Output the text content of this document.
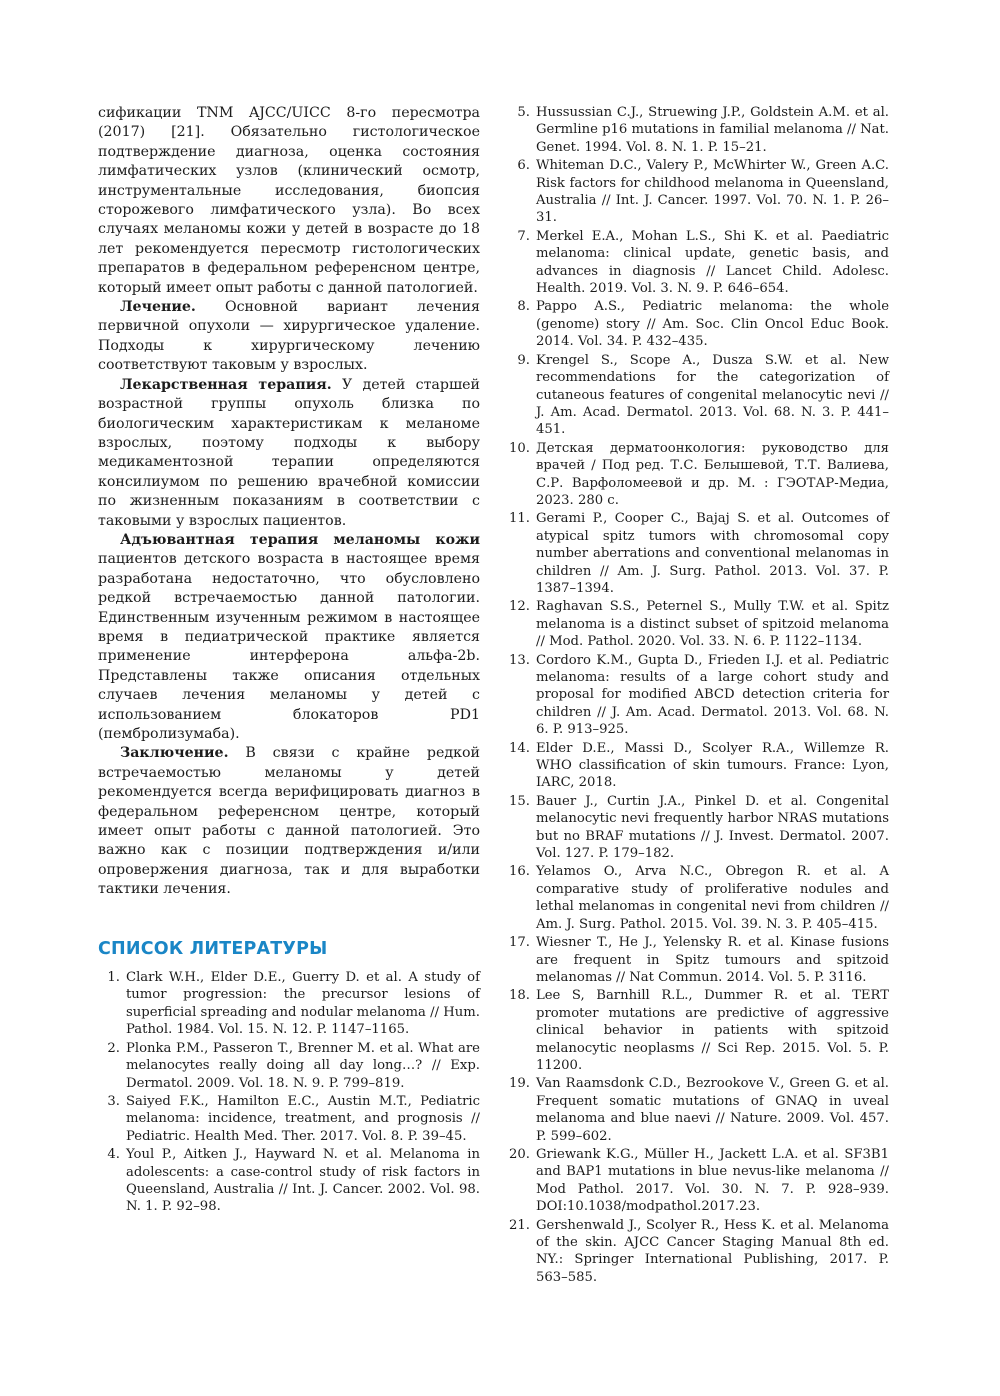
сификации TNM AJCC/UICC 8-го пересмотра (2017) [21]. Обязательно гистологическое подтверждение диагноза, оценка состояния лимфатических узлов (клинический осмотр, инструментальные исследования, биопсия сторожевого лимфатического узла). Во всех случаях меланомы кожи у детей в возрасте до 18 лет рекомендуется пересмотр гистологических препаратов в федеральном референсном центре, который имеет опыт работы с данной патологией.

Лечение. Основной вариант лечения первичной опухоли — хирургическое удаление. Подходы к хирургическому лечению соответствуют таковым у взрослых.

Лекарственная терапия. У детей старшей возрастной группы опухоль близка по биологическим характеристикам к меланоме взрослых, поэтому подходы к выбору медикаментозной терапии определяются консилиумом по решению врачебной комиссии по жизненным показаниям в соответствии с таковыми у взрослых пациентов.

Адъювантная терапия меланомы кожи пациентов детского возраста в настоящее время разработана недостаточно, что обусловлено редкой встречаемостью данной патологии. Единственным изученным режимом в настоящее время в педиатрической практике является применение интерферона альфа-2b. Представлены также описания отдельных случаев лечения меланомы у детей с использованием блокаторов PD1 (пембролизумаба).

Заключение. В связи с крайне редкой встречаемостью меланомы у детей рекомендуется всегда верифицировать диагноз в федеральном референсном центре, который имеет опыт работы с данной патологией. Это важно как с позиции подтверждения и/или опровержения диагноза, так и для выработки тактики лечения.

СПИСОК ЛИТЕРАТУРЫ
1. Clark W.H., Elder D.E., Guerry D. et al. A study of tumor progression: the precursor lesions of superficial spreading and nodular melanoma // Hum. Pathol. 1984. Vol. 15. N. 12. P. 1147–1165.
2. Plonka P.M., Passeron T., Brenner M. et al. What are melanocytes really doing all day long…? // Exp. Dermatol. 2009. Vol. 18. N. 9. P. 799–819.
3. Saiyed F.K., Hamilton E.C., Austin M.T., Pediatric melanoma: incidence, treatment, and prognosis // Pediatric. Health Med. Ther. 2017. Vol. 8. P. 39–45.
4. Youl P., Aitken J., Hayward N. et al. Melanoma in adolescents: a case-control study of risk factors in Queensland, Australia // Int. J. Cancer. 2002. Vol. 98. N. 1. P. 92–98.
5. Hussussian C.J., Struewing J.P., Goldstein A.M. et al. Germline p16 mutations in familial melanoma // Nat. Genet. 1994. Vol. 8. N. 1. P. 15–21.
6. Whiteman D.C., Valery P., McWhirter W., Green A.C. Risk factors for childhood melanoma in Queensland, Australia // Int. J. Cancer. 1997. Vol. 70. N. 1. P. 26–31.
7. Merkel E.A., Mohan L.S., Shi K. et al. Paediatric melanoma: clinical update, genetic basis, and advances in diagnosis // Lancet Child. Adolesc. Health. 2019. Vol. 3. N. 9. P. 646–654.
8. Pappo A.S., Pediatric melanoma: the whole (genome) story // Am. Soc. Clin Oncol Educ Book. 2014. Vol. 34. P. 432–435.
9. Krengel S., Scope A., Dusza S.W. et al. New recommendations for the categorization of cutaneous features of congenital melanocytic nevi // J. Am. Acad. Dermatol. 2013. Vol. 68. N. 3. P. 441–451.
10. Детская дерматоонкология: руководство для врачей / Под ред. Т.С. Белышевой, Т.Т. Валиева, С.Р. Варфоломеевой и др. М. : ГЭОТАР-Медиа, 2023. 280 с.
11. Gerami P., Cooper C., Bajaj S. et al. Outcomes of atypical spitz tumors with chromosomal copy number aberrations and conventional melanomas in children // Am. J. Surg. Pathol. 2013. Vol. 37. P. 1387–1394.
12. Raghavan S.S., Peternel S., Mully T.W. et al. Spitz melanoma is a distinct subset of spitzoid melanoma // Mod. Pathol. 2020. Vol. 33. N. 6. P. 1122–1134.
13. Cordoro K.M., Gupta D., Frieden I.J. et al. Pediatric melanoma: results of a large cohort study and proposal for modified ABCD detection criteria for children // J. Am. Acad. Dermatol. 2013. Vol. 68. N. 6. P. 913–925.
14. Elder D.E., Massi D., Scolyer R.A., Willemze R. WHO classification of skin tumours. France: Lyon, IARC, 2018.
15. Bauer J., Curtin J.A., Pinkel D. et al. Congenital melanocytic nevi frequently harbor NRAS mutations but no BRAF mutations // J. Invest. Dermatol. 2007. Vol. 127. P. 179–182.
16. Yelamos O., Arva N.C., Obregon R. et al. A comparative study of proliferative nodules and lethal melanomas in congenital nevi from children // Am. J. Surg. Pathol. 2015. Vol. 39. N. 3. P. 405–415.
17. Wiesner T., He J., Yelensky R. et al. Kinase fusions are frequent in Spitz tumours and spitzoid melanomas // Nat Commun. 2014. Vol. 5. P. 3116.
18. Lee S, Barnhill R.L., Dummer R. et al. TERT promoter mutations are predictive of aggressive clinical behavior in patients with spitzoid melanocytic neoplasms // Sci Rep. 2015. Vol. 5. P. 11200.
19. Van Raamsdonk C.D., Bezrookove V., Green G. et al. Frequent somatic mutations of GNAQ in uveal melanoma and blue naevi // Nature. 2009. Vol. 457. P. 599–602.
20. Griewank K.G., Müller H., Jackett L.A. et al. SF3B1 and BAP1 mutations in blue nevus-like melanoma // Mod Pathol. 2017. Vol. 30. N. 7. P. 928–939. DOI:10.1038/modpathol.2017.23.
21. Gershenwald J., Scolyer R., Hess K. et al. Melanoma of the skin. AJCC Cancer Staging Manual 8th ed. NY.: Springer International Publishing, 2017. P. 563–585.
